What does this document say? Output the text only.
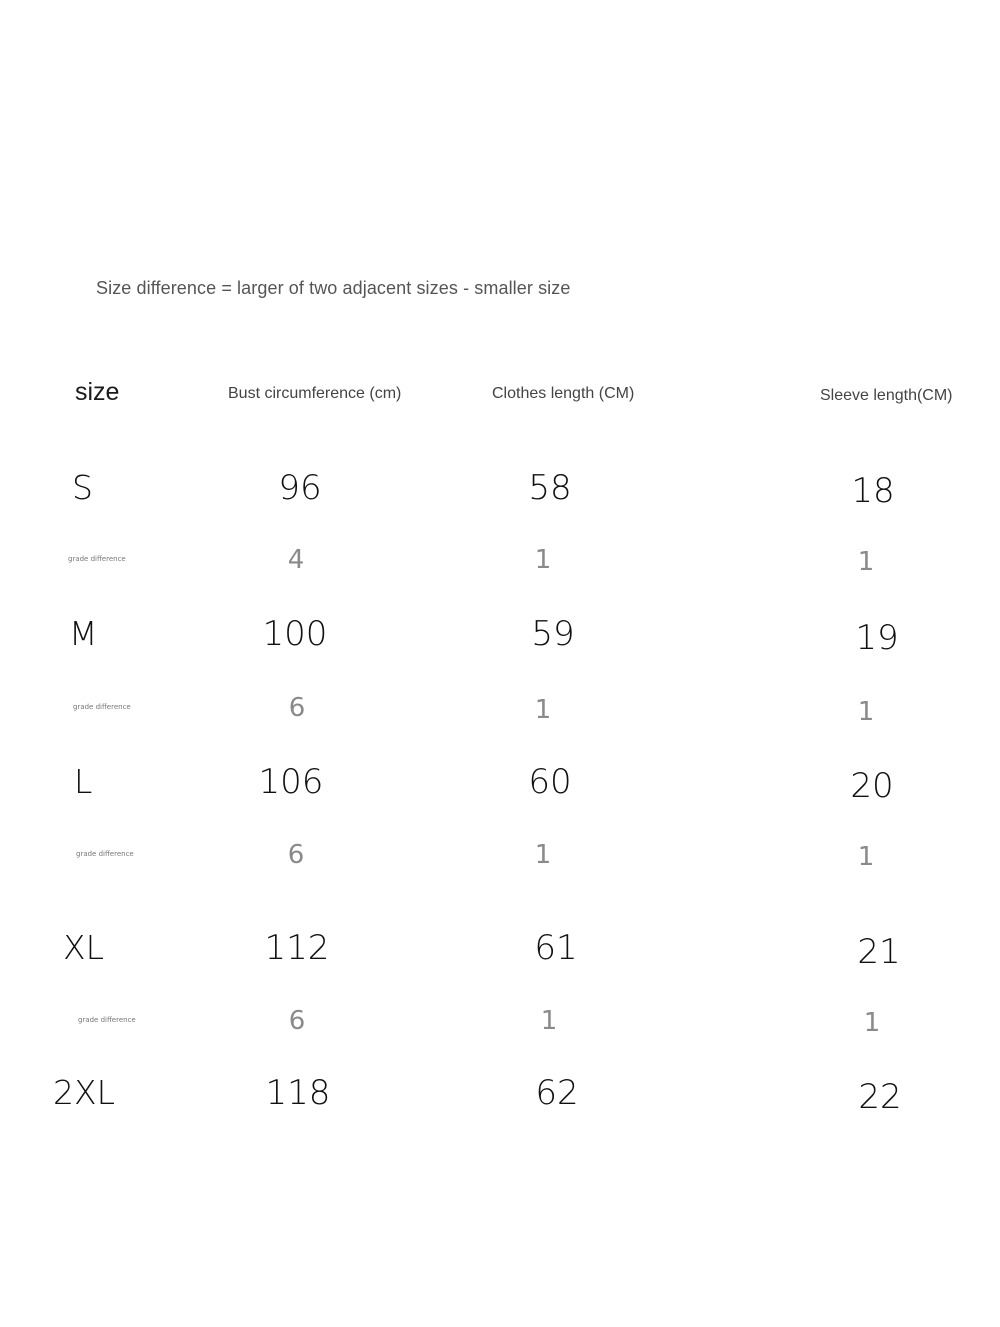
Size difference = larger of two adjacent sizes - smaller size
size	Bust circumference (cm)	Clothes length (CM)	Sleeve length(CM)
S	96	58	18
grade difference	4	1	1
M	100	59	19
grade difference	6	1	1
L	106	60	20
grade difference	6	1	1
XL	112	61	21
grade difference	6	1	1
2XL	118	62	22
